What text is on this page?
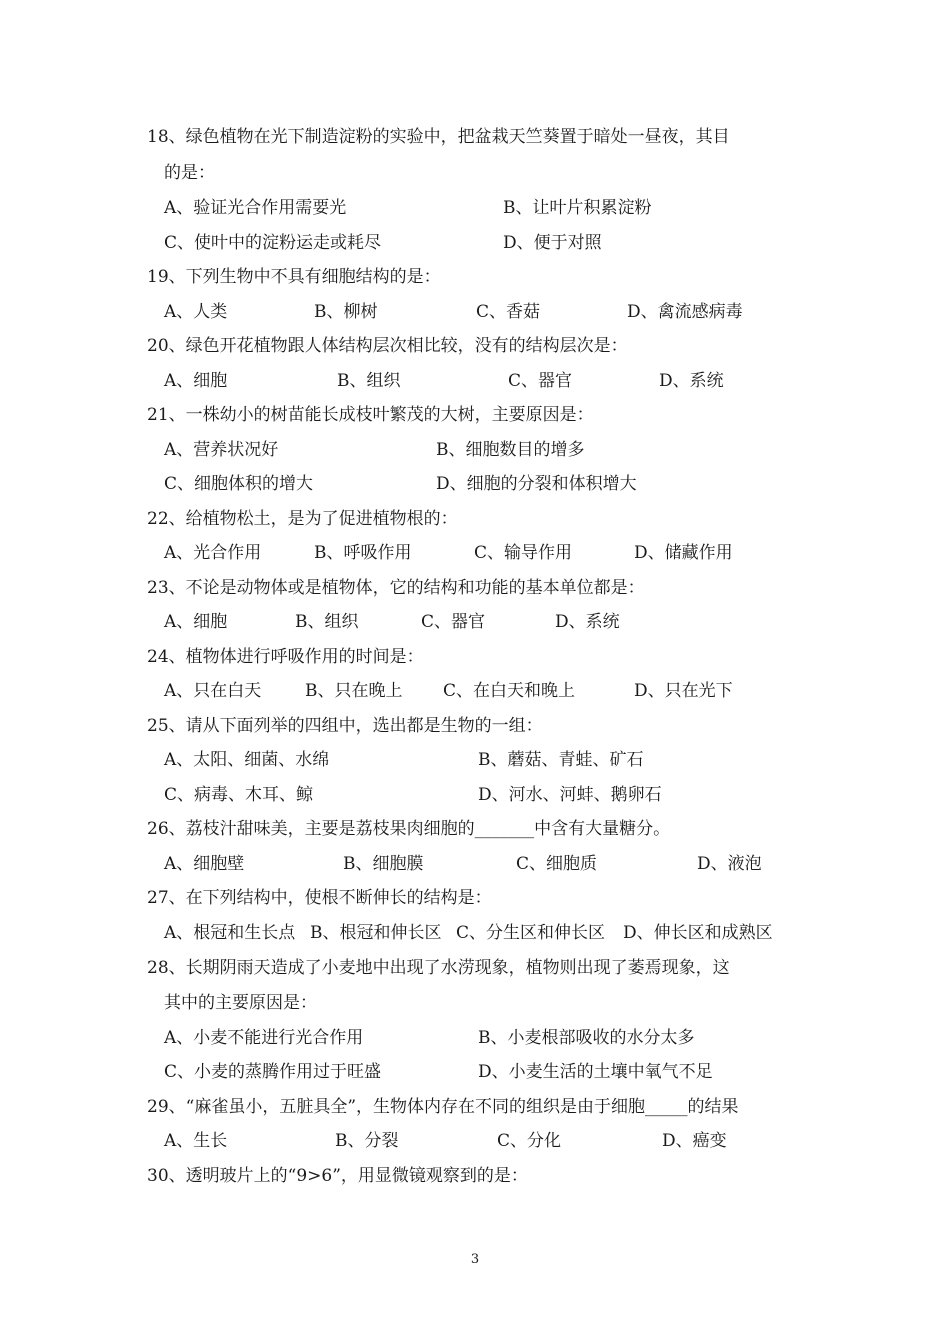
18、绿色植物在光下制造淀粉的实验中，把盆栽天竺葵置于暗处一昼夜，其目
的是：
A、验证光合作用需要光	B、让叶片积累淀粉
C、使叶中的淀粉运走或耗尽	D、便于对照
19、下列生物中不具有细胞结构的是：
A、人类	B、柳树	C、香菇	D、禽流感病毒
20、绿色开花植物跟人体结构层次相比较，没有的结构层次是：
A、细胞	B、组织	C、器官	D、系统
21、一株幼小的树苗能长成枝叶繁茂的大树，主要原因是：
A、营养状况好	B、细胞数目的增多
C、细胞体积的增大	D、细胞的分裂和体积增大
22、给植物松土，是为了促进植物根的：
A、光合作用	B、呼吸作用	C、输导作用	D、储藏作用
23、不论是动物体或是植物体，它的结构和功能的基本单位都是：
A、细胞	B、组织	C、器官	D、系统
24、植物体进行呼吸作用的时间是：
A、只在白天	B、只在晚上 C、在白天和晚上	D、只在光下
25、请从下面列举的四组中，选出都是生物的一组：
A、太阳、细菌、水绵	B、蘑菇、青蛙、矿石
C、病毒、木耳、鲸	D、河水、河蚌、鹅卵石
26、荔枝汁甜味美，主要是荔枝果肉细胞的_______中含有大量糖分。
A、细胞壁	B、细胞膜	C、细胞质	D、液泡
27、在下列结构中，使根不断伸长的结构是：
A、根冠和生长点 B、根冠和伸长区 C、分生区和伸长区 D、伸长区和成熟区
28、长期阴雨天造成了小麦地中出现了水涝现象，植物则出现了萎焉现象，这
其中的主要原因是：
A、小麦不能进行光合作用	B、小麦根部吸收的水分太多
C、小麦的蒸腾作用过于旺盛	D、小麦生活的土壤中氧气不足
29、“麻雀虽小，五脏具全”，生物体内存在不同的组织是由于细胞_____的结果
A、生长	B、分裂	C、分化	D、癌变
30、透明玻片上的“9>6”，用显微镜观察到的是：
3
